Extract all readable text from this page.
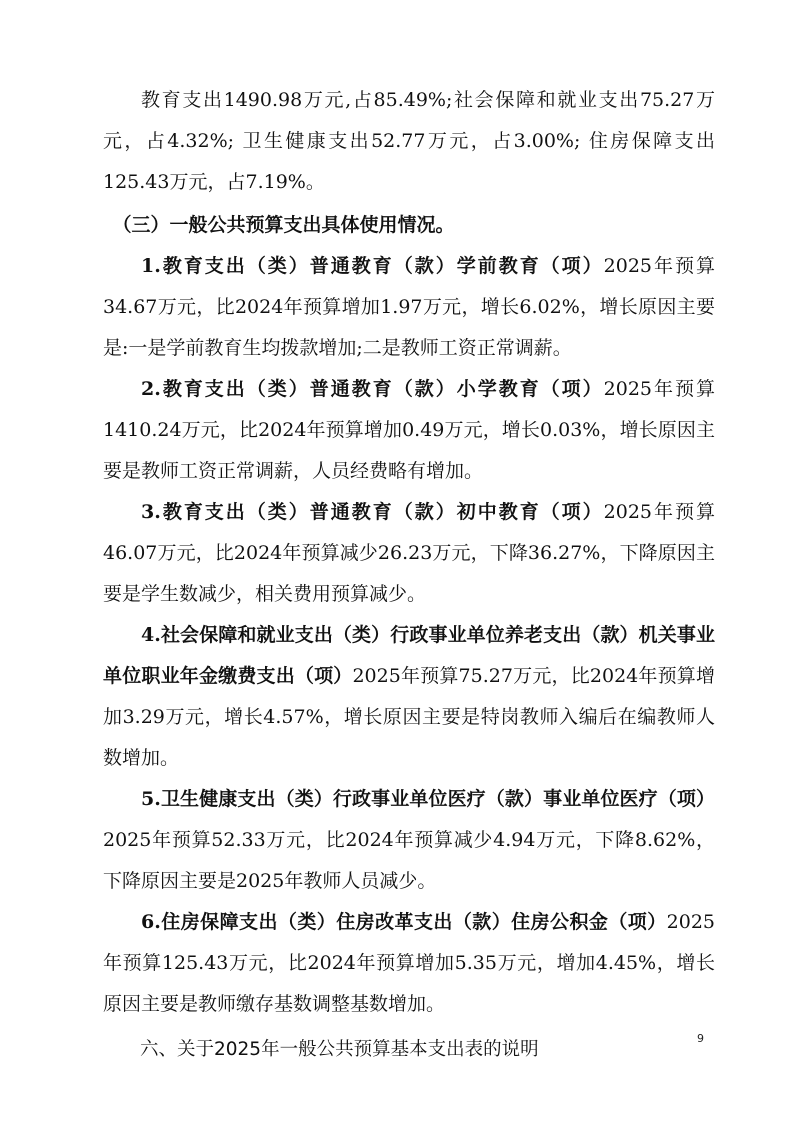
教育支出1490.98万元,占85.49%;社会保障和就业支出75.27万元，占4.32%; 卫生健康支出52.77万元，占3.00%; 住房保障支出125.43万元，占7.19%。

（三）一般公共预算支出具体使用情况。

1.教育支出（类）普通教育（款）学前教育（项）2025年预算34.67万元，比2024年预算增加1.97万元，增长6.02%，增长原因主要是:一是学前教育生均拨款增加;二是教师工资正常调薪。

2.教育支出（类）普通教育（款）小学教育（项）2025年预算1410.24万元，比2024年预算增加0.49万元，增长0.03%，增长原因主要是教师工资正常调薪，人员经费略有增加。

3.教育支出（类）普通教育（款）初中教育（项）2025年预算46.07万元，比2024年预算减少26.23万元，下降36.27%，下降原因主要是学生数减少，相关费用预算减少。

4.社会保障和就业支出（类）行政事业单位养老支出（款）机关事业单位职业年金缴费支出（项）2025年预算75.27万元，比2024年预算增加3.29万元，增长4.57%，增长原因主要是特岗教师入编后在编教师人数增加。

5.卫生健康支出（类）行政事业单位医疗（款）事业单位医疗（项）2025年预算52.33万元，比2024年预算减少4.94万元，下降8.62%，下降原因主要是2025年教师人员减少。

6.住房保障支出（类）住房改革支出（款）住房公积金（项）2025年预算125.43万元，比2024年预算增加5.35万元，增加4.45%，增长原因主要是教师缴存基数调整基数增加。

六、关于2025年一般公共预算基本支出表的说明

9
